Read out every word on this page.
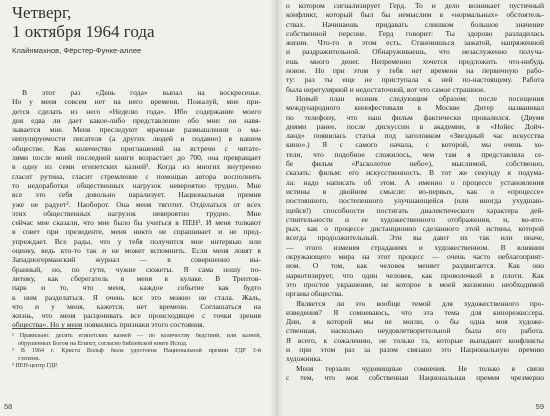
Четверг,
1 октября 1964 года
Клайнмахнов, Фёрстер-Функе-аллее
В этот раз «День года» выпал на воскресенье.
Но у меня совсем нет на него времени. Пожалуй, мне при-
дется сделать из него «Неделю года». Ибо содержание моего
дня едва ли дает какое-либо представление обо мне: он навя-
зывается мне. Меня преследуют мрачные размышления о ма-
нипулируемости писателя (а других людей и подавно) в нашем
обществе. Как количество приглашений на встречи с читате-
лями после моей последней книги возрастает до 700, она превращает
в одну из семи египетских казней¹. Когда из многих внутренно
гласит рутина, гласит стремление с помощью автора восполнить
то недоработки общественных нагрузок невероятно трудно. Мне
все это себя довольно парализует. Национальная премия
уже не радует². Наоборот. Она меня тяготит. Отделаться от всех
этих общественных нагрузок невероятно трудно. Мне
сейчас мне сказали, что мне было бы учиться в ПЕН³. И меня толкают
в совет при президенте, меня никто не спрашивает и не пред-
упреждает. Все рады, что у тебя получится мне интервью или
оценку, ведь кто-то так и не может вспомнить. Если меня ловят в
Западногерманский журнал — в совершенно вы-
бранный, но, по сути, чужие сюжеты. Я сама ношу по-
литику, как сберегатель в меня в кулаке. В Трептов-
парк и то, что меня, каждое событие как будто
к ним разделаться. Я очень все это можно не стала. Жаль,
что и у меня, кажется, нет времени. Соглашаться на
жизнь, что меня расценивать все происходящее с точки зрения
общества». Но у меня появились признаки этого состояния.
¹ Правильно: десять египетских казней — по количеству бедствий, или казней,
обрушенных Богом на Египет, согласно библейской книге Исход.
² В 1964 г. Криста Вольф была удостоена Национальной премии ГДР 3-й
степени.
³ ПЕН-центр ГДР.
58
о котором сигнализирует Герд. То и дело возникает пустячный
конфликт, который был бы немыслим в «нормальных» обстоятель-
ствах. Начинаешь придавать слишком большое значение
собственной персоне. Герд говорит: Ты здорово разладилась
жизни. Что-то в этом есть. Становишься зажатой, напряженной
и раздражительной. Обнаруживаешь, что незаслуженно получа-
ешь много денег. Непременно хочется предложить что-нибудь
новое. Но при этом у тебя нет времени на первичную рабо-
ту: раз ты еще не приступала к ней по-настоящему. Работа
была нерегулярной и недостаточной, вот что самое страшное.
Новый план возник следующим образом: после посещения
международного кинофестиваля в Москве Дитер названивал
по телефону, что наш фильм фактически провалился. (Двумя
днями ранее, после дискуссии в академии, в «Нойес Дойч-
ланд» появилась статья под заголовком «Звездный час искусства
кино».) Я с самого начала, с которой, мы очень хо-
тели, что подобное сложилось, чем там я представляла се-
бе фильм «Расколотое небо»), мыслимой, собственно,
сказать: фильм: его искусственность. В тот же секунду я подума-
ла: надо написать об этом. А именно о процессе установления
истины в двойном смысле: во-первых, как о «процессе»
постоянного, постепенного улучшающейся (или иногда ухудшаю-
щейся!) способности постигать диалектического характера дей-
ствительности и ее художественного отображения, и, во-вто-
рых, как о процессе дистанционно сделанного этой истины, которой
всегда продолжительный. Эти вы дают их так или иначе,
— этого изменяя страданиях и художественном. В влиянии
окружающего мира на этот процесс — очень часто неблагоприят-
ном. О том, как человек меняет раздвигается. Как оно
наркотизирует, что один человек, как проволочкой в плоти. Как
это простое украшение, не которое в моей жизненно необходимой
органы общества.
Является ли это вообще темой для художественного про-
изведения? Я сомневаюсь, что эта тема для кинорежиссера.
Дни, в которой мы не могли, о бы одна моя художе-
ственная, насколько неудовлетворительной была его работа.
Я всего, к сожалению, не только та, которые выпадают конфликты
и при этом раз за разом связано это Национальную премию
художника.
Меня терзали чудовищные сомнения. Не только в связи
с тем, что моя собственная Национальная премия чрезмерно
59
